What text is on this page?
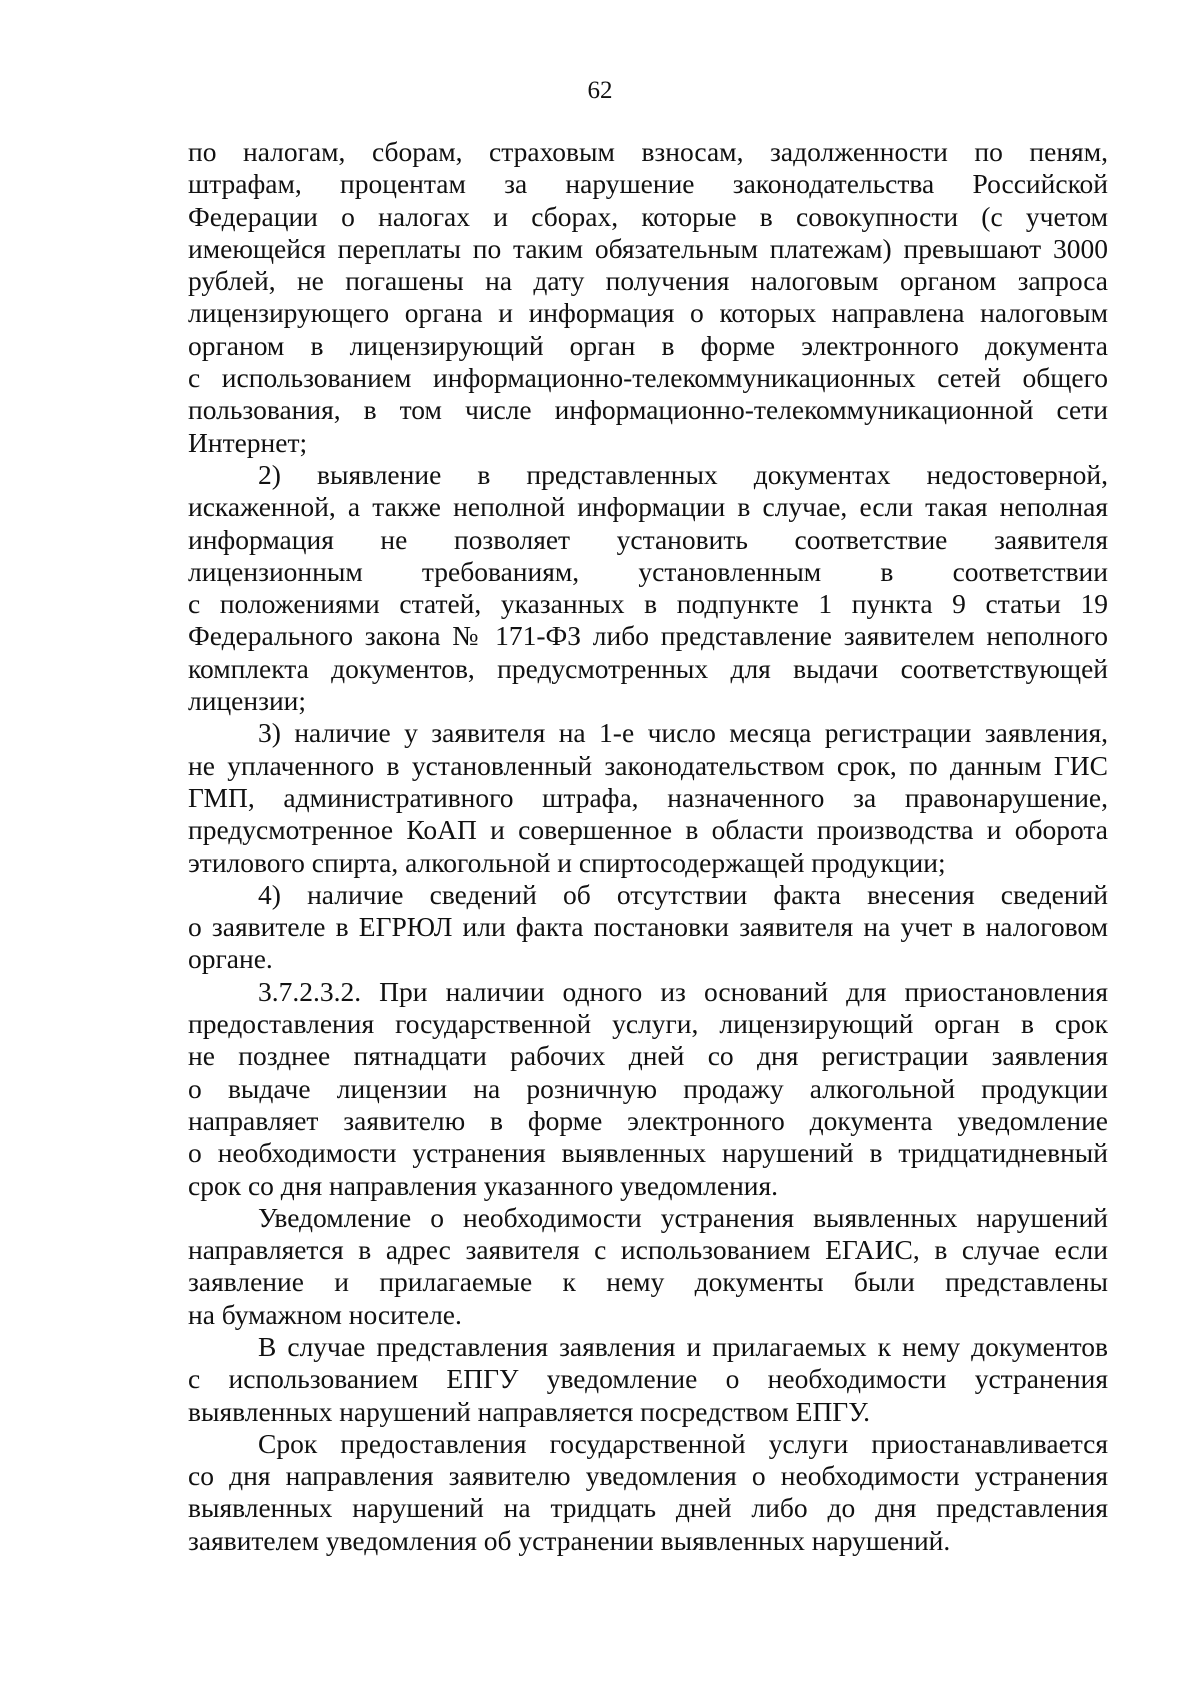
62
по налогам, сборам, страховым взносам, задолженности по пеням,
штрафам, процентам за нарушение законодательства Российской
Федерации о налогах и сборах, которые в совокупности (с учетом
имеющейся переплаты по таким обязательным платежам) превышают 3000
рублей, не погашены на дату получения налоговым органом запроса
лицензирующего органа и информация о которых направлена налоговым
органом в лицензирующий орган в форме электронного документа
с использованием информационно-телекоммуникационных сетей общего
пользования, в том числе информационно-телекоммуникационной сети
Интернет;
2) выявление в представленных документах недостоверной,
искаженной, а также неполной информации в случае, если такая неполная
информация не позволяет установить соответствие заявителя
лицензионным требованиям, установленным в соответствии
с положениями статей, указанных в подпункте 1 пункта 9 статьи 19
Федерального закона № 171-ФЗ либо представление заявителем неполного
комплекта документов, предусмотренных для выдачи соответствующей
лицензии;
3) наличие у заявителя на 1-е число месяца регистрации заявления,
не уплаченного в установленный законодательством срок, по данным ГИС
ГМП, административного штрафа, назначенного за правонарушение,
предусмотренное КоАП и совершенное в области производства и оборота
этилового спирта, алкогольной и спиртосодержащей продукции;
4) наличие сведений об отсутствии факта внесения сведений
о заявителе в ЕГРЮЛ или факта постановки заявителя на учет в налоговом
органе.
3.7.2.3.2. При наличии одного из оснований для приостановления
предоставления государственной услуги, лицензирующий орган в срок
не позднее пятнадцати рабочих дней со дня регистрации заявления
о выдаче лицензии на розничную продажу алкогольной продукции
направляет заявителю в форме электронного документа уведомление
о необходимости устранения выявленных нарушений в тридцатидневный
срок со дня направления указанного уведомления.
Уведомление о необходимости устранения выявленных нарушений
направляется в адрес заявителя с использованием ЕГАИС, в случае если
заявление и прилагаемые к нему документы были представлены
на бумажном носителе.
В случае представления заявления и прилагаемых к нему документов
с использованием ЕПГУ уведомление о необходимости устранения
выявленных нарушений направляется посредством ЕПГУ.
Срок предоставления государственной услуги приостанавливается
со дня направления заявителю уведомления о необходимости устранения
выявленных нарушений на тридцать дней либо до дня представления
заявителем уведомления об устранении выявленных нарушений.
